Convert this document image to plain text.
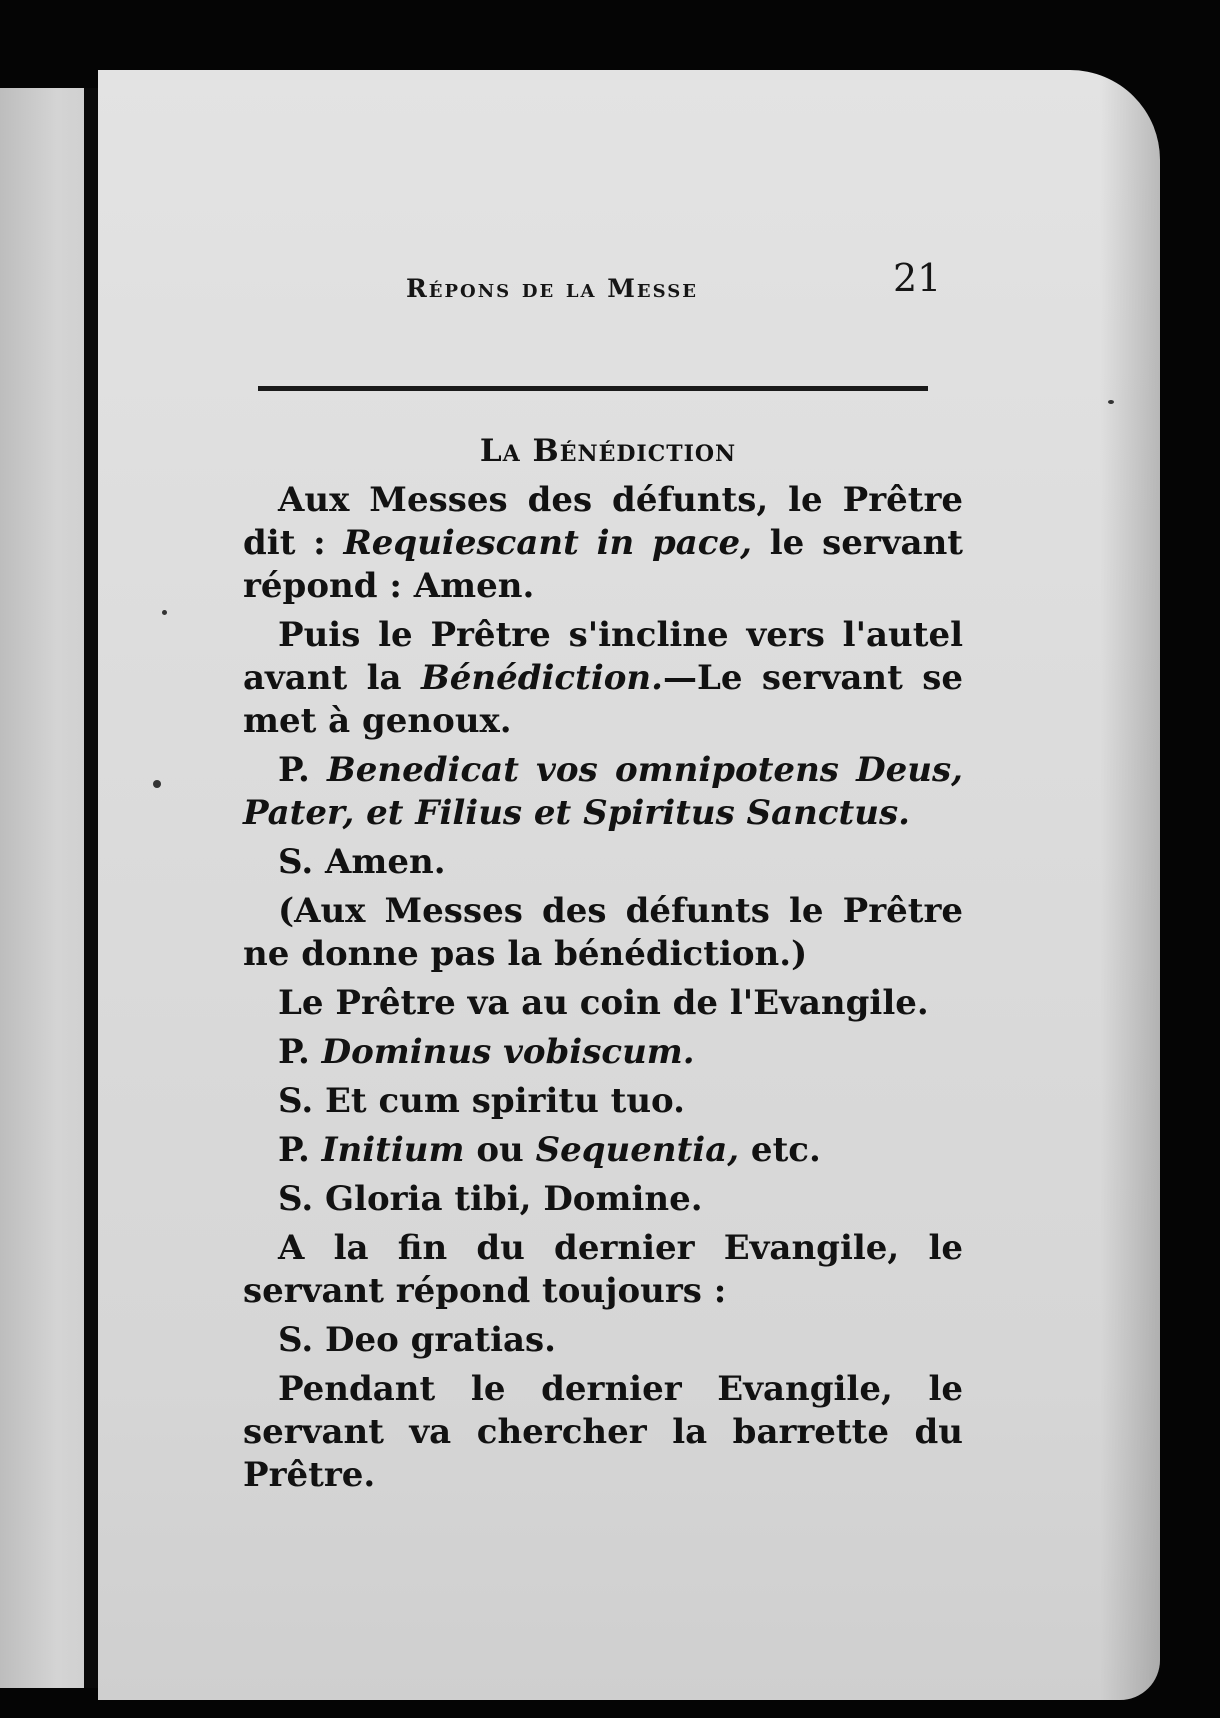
Répons de la Messe	21
La Bénédiction

Aux Messes des défunts, le Prêtre dit : Requiescant in pace, le servant répond : Amen.

Puis le Prêtre s'incline vers l'autel avant la Bénédiction.—Le servant se met à genoux.

P. Benedicat vos omnipotens Deus, Pater, et Filius et Spiritus Sanctus.

S. Amen.

(Aux Messes des défunts le Prêtre ne donne pas la bénédiction.)

Le Prêtre va au coin de l'Evangile.

P. Dominus vobiscum.

S. Et cum spiritu tuo.

P. Initium ou Sequentia, etc.

S. Gloria tibi, Domine.

A la fin du dernier Evangile, le servant répond toujours :

S. Deo gratias.

Pendant le dernier Evangile, le servant va chercher la barrette du Prêtre.
